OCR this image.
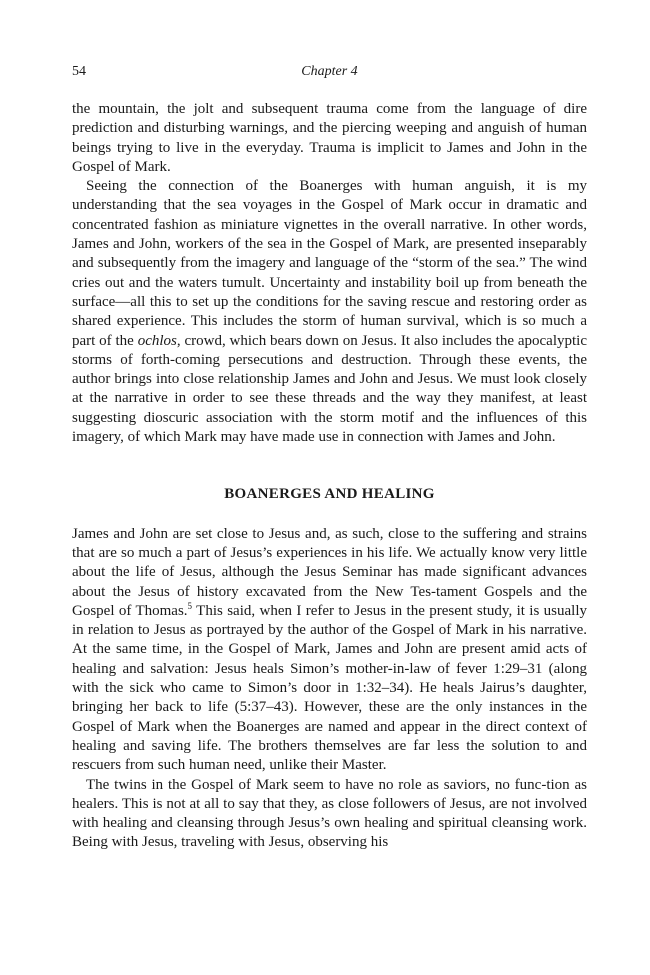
54	Chapter 4

the mountain, the jolt and subsequent trauma come from the language of dire prediction and disturbing warnings, and the piercing weeping and anguish of human beings trying to live in the everyday. Trauma is implicit to James and John in the Gospel of Mark.

Seeing the connection of the Boanerges with human anguish, it is my understanding that the sea voyages in the Gospel of Mark occur in dramatic and concentrated fashion as miniature vignettes in the overall narrative. In other words, James and John, workers of the sea in the Gospel of Mark, are presented inseparably and subsequently from the imagery and language of the “storm of the sea.” The wind cries out and the waters tumult. Uncertainty and instability boil up from beneath the surface—all this to set up the conditions for the saving rescue and restoring order as shared experience. This includes the storm of human survival, which is so much a part of the ochlos, crowd, which bears down on Jesus. It also includes the apocalyptic storms of forth-coming persecutions and destruction. Through these events, the author brings into close relationship James and John and Jesus. We must look closely at the narrative in order to see these threads and the way they manifest, at least suggesting dioscuric association with the storm motif and the influences of this imagery, of which Mark may have made use in connection with James and John.

BOANERGES AND HEALING

James and John are set close to Jesus and, as such, close to the suffering and strains that are so much a part of Jesus’s experiences in his life. We actually know very little about the life of Jesus, although the Jesus Seminar has made significant advances about the Jesus of history excavated from the New Tes-tament Gospels and the Gospel of Thomas.$^5$ This said, when I refer to Jesus in the present study, it is usually in relation to Jesus as portrayed by the author of the Gospel of Mark in his narrative. At the same time, in the Gospel of Mark, James and John are present amid acts of healing and salvation: Jesus heals Simon’s mother-in-law of fever 1:29–31 (along with the sick who came to Simon’s door in 1:32–34). He heals Jairus’s daughter, bringing her back to life (5:37–43). However, these are the only instances in the Gospel of Mark when the Boanerges are named and appear in the direct context of healing and saving life. The brothers themselves are far less the solution to and rescuers from such human need, unlike their Master.

The twins in the Gospel of Mark seem to have no role as saviors, no func-tion as healers. This is not at all to say that they, as close followers of Jesus, are not involved with healing and cleansing through Jesus’s own healing and spiritual cleansing work. Being with Jesus, traveling with Jesus, observing his
